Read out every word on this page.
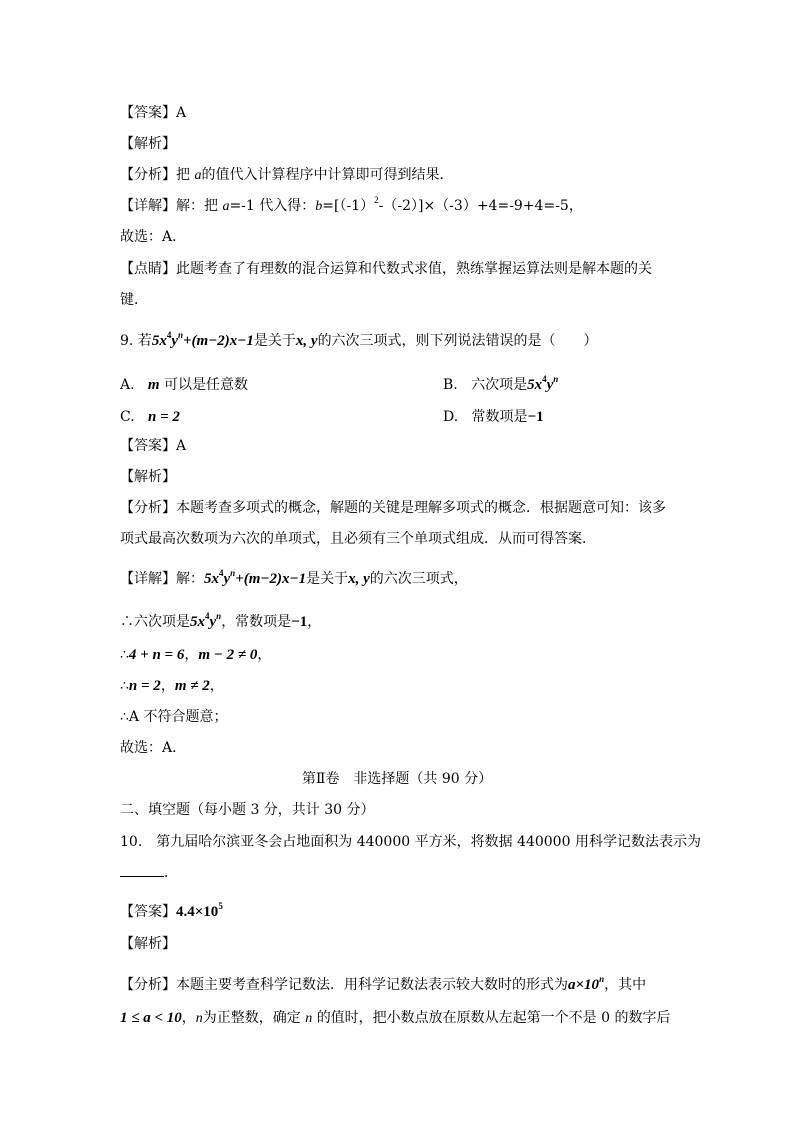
【答案】A
【解析】
【分析】把 a的值代入计算程序中计算即可得到结果．
【详解】解：把 a=-1 代入得：$b=[(-1)^2-(-2)]\times(-3)+4=-9+4=-5$，
故选：A．
【点睛】此题考查了有理数的混合运算和代数式求值，熟练掌握运算法则是解本题的关
键．
9. 若$5x^4y^n+(m-2)x-1$是关于x, y的六次三项式，则下列说法错误的是（　　）
A. m 可以是任意数	B. 六次项是$5x^4y^n$
C. n = 2	D. 常数项是−1
【答案】A
【解析】
【分析】本题考查多项式的概念，解题的关键是理解多项式的概念．根据题意可知：该多
项式最高次数项为六次的单项式，且必须有三个单项式组成．从而可得答案．
【详解】解：$5x^4y^n+(m-2)x-1$是关于x, y的六次三项式，
∴六次项是$5x^4y^n$，常数项是−1，
∴4 + n = 6，m − 2 ≠ 0，
∴n = 2，m ≠ 2，
∴A 不符合题意；
故选：A．
第Ⅱ卷　非选择题（共 90 分）
二、填空题（每小题 3 分，共计 30 分）
10.　第九届哈尔滨亚冬会占地面积为 440000 平方米，将数据 440000 用科学记数法表示为
．
【答案】$4.4\times 10^5$
【解析】
【分析】本题主要考查科学记数法．用科学记数法表示较大数时的形式为$a\times 10^n$，其中
1 ≤ a < 10，n为正整数，确定 n 的值时，把小数点放在原数从左起第一个不是 0 的数字后
